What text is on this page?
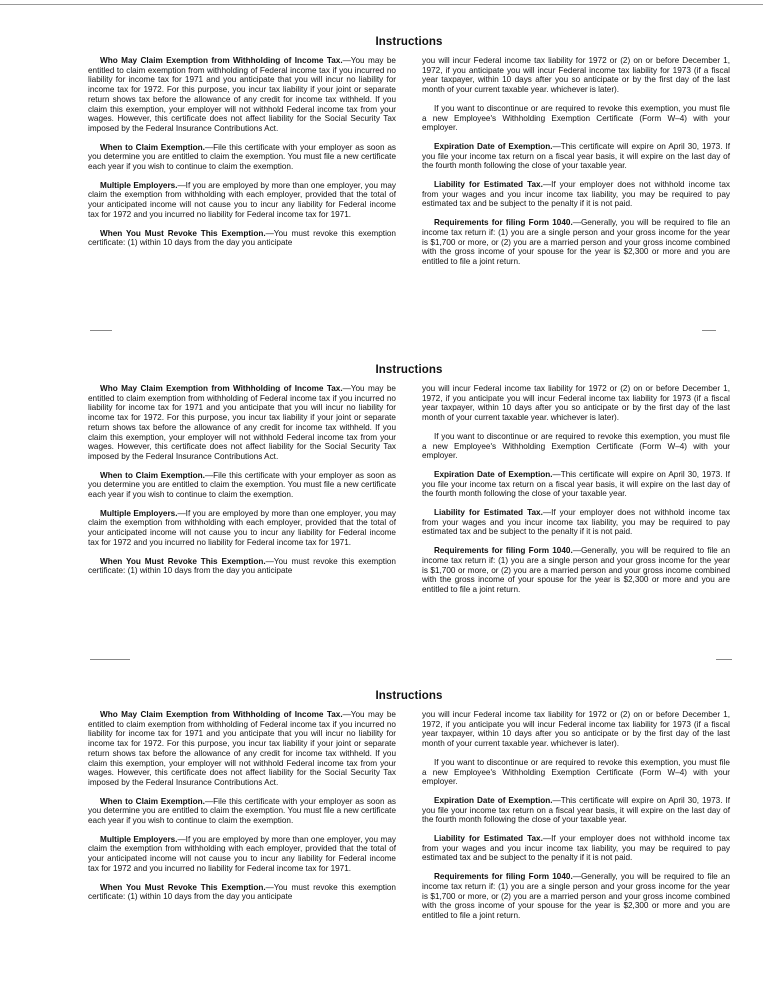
Instructions

Who May Claim Exemption from Withholding of Income Tax.—You may be entitled to claim exemption from withholding of Federal income tax if you incurred no liability for income tax for 1971 and you anticipate that you will incur no liability for income tax for 1972. For this purpose, you incur tax liability if your joint or separate return shows tax before the allowance of any credit for income tax withheld. If you claim this exemption, your employer will not withhold Federal income tax from your wages. However, this certificate does not affect liability for the Social Security Tax imposed by the Federal Insurance Contributions Act.

When to Claim Exemption.—File this certificate with your employer as soon as you determine you are entitled to claim the exemption. You must file a new certificate each year if you wish to continue to claim the exemption.

Multiple Employers.—If you are employed by more than one employer, you may claim the exemption from withholding with each employer, provided that the total of your anticipated income will not cause you to incur any liability for Federal income tax for 1972 and you incurred no liability for Federal income tax for 1971.

When You Must Revoke This Exemption.—You must revoke this exemption certificate: (1) within 10 days from the day you anticipate

you will incur Federal income tax liability for 1972 or (2) on or before December 1, 1972, if you anticipate you will incur Federal income tax liability for 1973 (if a fiscal year taxpayer, within 10 days after you so anticipate or by the first day of the last month of your current taxable year. whichever is later).

If you want to discontinue or are required to revoke this exemption, you must file a new Employee's Withholding Exemption Certificate (Form W–4) with your employer.

Expiration Date of Exemption.—This certificate will expire on April 30, 1973. If you file your income tax return on a fiscal year basis, it will expire on the last day of the fourth month following the close of your taxable year.

Liability for Estimated Tax.—If your employer does not withhold income tax from your wages and you incur income tax liability, you may be required to pay estimated tax and be subject to the penalty if it is not paid.

Requirements for filing Form 1040.—Generally, you will be required to file an income tax return if: (1) you are a single person and your gross income for the year is $1,700 or more, or (2) you are a married person and your gross income combined with the gross income of your spouse for the year is $2,300 or more and you are entitled to file a joint return.

Instructions

Who May Claim Exemption from Withholding of Income Tax.—You may be entitled to claim exemption from withholding of Federal income tax if you incurred no liability for income tax for 1971 and you anticipate that you will incur no liability for income tax for 1972. For this purpose, you incur tax liability if your joint or separate return shows tax before the allowance of any credit for income tax withheld. If you claim this exemption, your employer will not withhold Federal income tax from your wages. However, this certificate does not affect liability for the Social Security Tax imposed by the Federal Insurance Contributions Act.

When to Claim Exemption.—File this certificate with your employer as soon as you determine you are entitled to claim the exemption. You must file a new certificate each year if you wish to continue to claim the exemption.

Multiple Employers.—If you are employed by more than one employer, you may claim the exemption from withholding with each employer, provided that the total of your anticipated income will not cause you to incur any liability for Federal income tax for 1972 and you incurred no liability for Federal income tax for 1971.

When You Must Revoke This Exemption.—You must revoke this exemption certificate: (1) within 10 days from the day you anticipate

you will incur Federal income tax liability for 1972 or (2) on or before December 1, 1972, if you anticipate you will incur Federal income tax liability for 1973 (if a fiscal year taxpayer, within 10 days after you so anticipate or by the first day of the last month of your current taxable year. whichever is later).

If you want to discontinue or are required to revoke this exemption, you must file a new Employee's Withholding Exemption Certificate (Form W–4) with your employer.

Expiration Date of Exemption.—This certificate will expire on April 30, 1973. If you file your income tax return on a fiscal year basis, it will expire on the last day of the fourth month following the close of your taxable year.

Liability for Estimated Tax.—If your employer does not withhold income tax from your wages and you incur income tax liability, you may be required to pay estimated tax and be subject to the penalty if it is not paid.

Requirements for filing Form 1040.—Generally, you will be required to file an income tax return if: (1) you are a single person and your gross income for the year is $1,700 or more, or (2) you are a married person and your gross income combined with the gross income of your spouse for the year is $2,300 or more and you are entitled to file a joint return.

Instructions

Who May Claim Exemption from Withholding of Income Tax.—You may be entitled to claim exemption from withholding of Federal income tax if you incurred no liability for income tax for 1971 and you anticipate that you will incur no liability for income tax for 1972. For this purpose, you incur tax liability if your joint or separate return shows tax before the allowance of any credit for income tax withheld. If you claim this exemption, your employer will not withhold Federal income tax from your wages. However, this certificate does not affect liability for the Social Security Tax imposed by the Federal Insurance Contributions Act.

When to Claim Exemption.—File this certificate with your employer as soon as you determine you are entitled to claim the exemption. You must file a new certificate each year if you wish to continue to claim the exemption.

Multiple Employers.—If you are employed by more than one employer, you may claim the exemption from withholding with each employer, provided that the total of your anticipated income will not cause you to incur any liability for Federal income tax for 1972 and you incurred no liability for Federal income tax for 1971.

When You Must Revoke This Exemption.—You must revoke this exemption certificate: (1) within 10 days from the day you anticipate

you will incur Federal income tax liability for 1972 or (2) on or before December 1, 1972, if you anticipate you will incur Federal income tax liability for 1973 (if a fiscal year taxpayer, within 10 days after you so anticipate or by the first day of the last month of your current taxable year. whichever is later).

If you want to discontinue or are required to revoke this exemption, you must file a new Employee's Withholding Exemption Certificate (Form W–4) with your employer.

Expiration Date of Exemption.—This certificate will expire on April 30, 1973. If you file your income tax return on a fiscal year basis, it will expire on the last day of the fourth month following the close of your taxable year.

Liability for Estimated Tax.—If your employer does not withhold income tax from your wages and you incur income tax liability, you may be required to pay estimated tax and be subject to the penalty if it is not paid.

Requirements for filing Form 1040.—Generally, you will be required to file an income tax return if: (1) you are a single person and your gross income for the year is $1,700 or more, or (2) you are a married person and your gross income combined with the gross income of your spouse for the year is $2,300 or more and you are entitled to file a joint return.
